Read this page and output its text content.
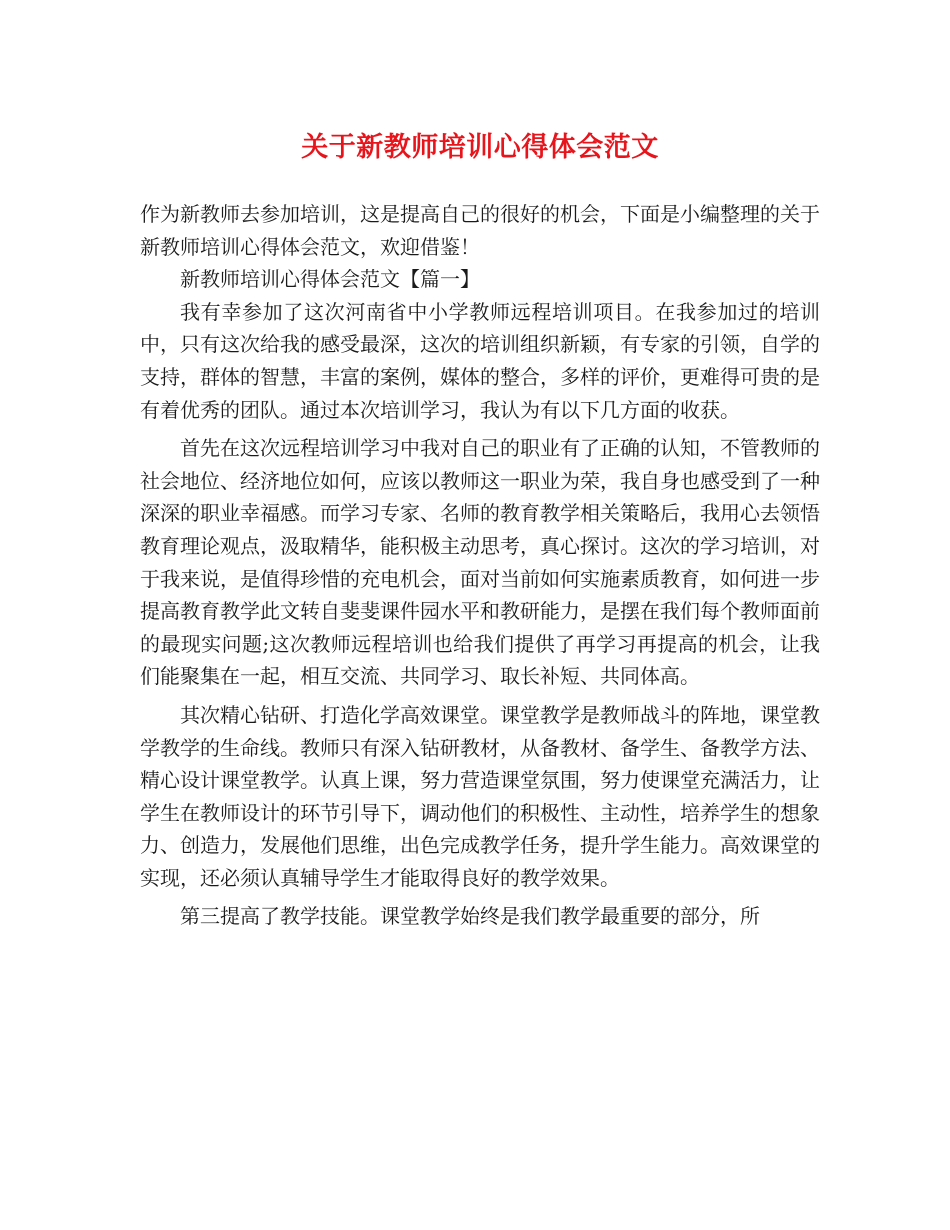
关于新教师培训心得体会范文

作为新教师去参加培训，这是提高自己的很好的机会，下面是小编整理的关于新教师培训心得体会范文，欢迎借鉴！

新教师培训心得体会范文【篇一】

我有幸参加了这次河南省中小学教师远程培训项目。在我参加过的培训中，只有这次给我的感受最深，这次的培训组织新颖，有专家的引领，自学的支持，群体的智慧，丰富的案例，媒体的整合，多样的评价，更难得可贵的是有着优秀的团队。通过本次培训学习，我认为有以下几方面的收获。

首先在这次远程培训学习中我对自己的职业有了正确的认知，不管教师的社会地位、经济地位如何，应该以教师这一职业为荣，我自身也感受到了一种深深的职业幸福感。而学习专家、名师的教育教学相关策略后，我用心去领悟教育理论观点，汲取精华，能积极主动思考，真心探讨。这次的学习培训，对于我来说，是值得珍惜的充电机会，面对当前如何实施素质教育，如何进一步提高教育教学此文转自斐斐课件园水平和教研能力，是摆在我们每个教师面前的最现实问题;这次教师远程培训也给我们提供了再学习再提高的机会，让我们能聚集在一起，相互交流、共同学习、取长补短、共同体高。

其次精心钻研、打造化学高效课堂。课堂教学是教师战斗的阵地，课堂教学教学的生命线。教师只有深入钻研教材，从备教材、备学生、备教学方法、精心设计课堂教学。认真上课，努力营造课堂氛围，努力使课堂充满活力，让学生在教师设计的环节引导下，调动他们的积极性、主动性，培养学生的想象力、创造力，发展他们思维，出色完成教学任务，提升学生能力。高效课堂的实现，还必须认真辅导学生才能取得良好的教学效果。

第三提高了教学技能。课堂教学始终是我们教学最重要的部分，所
